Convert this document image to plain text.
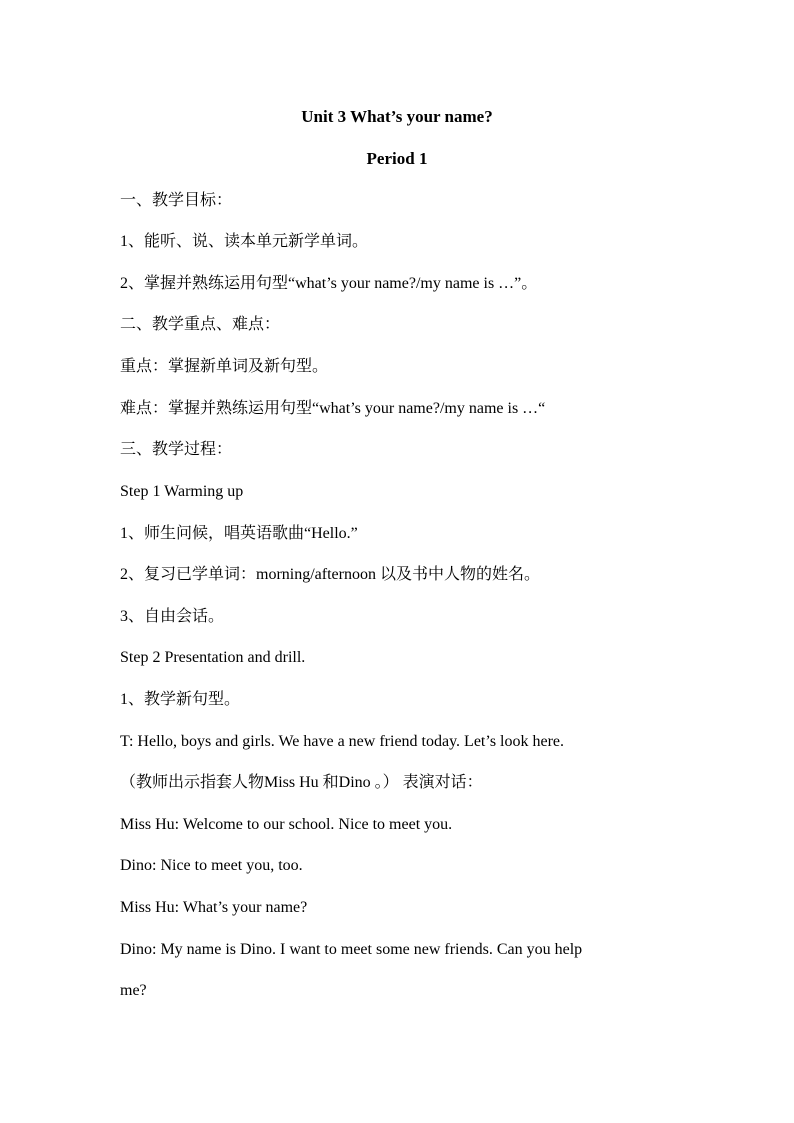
Unit 3 What’s your name?
Period 1
一、教学目标：
1、能听、说、读本单元新学单词。
2、掌握并熟练运用句型“what’s your name?/my name is …”。
二、教学重点、难点：
重点：掌握新单词及新句型。
难点：掌握并熟练运用句型“what’s your name?/my name is …“
三、教学过程：
Step 1 Warming up
1、师生问候，唱英语歌曲“Hello.”
2、复习已学单词：morning/afternoon 以及书中人物的姓名。
3、自由会话。
Step 2 Presentation and drill.
1、教学新句型。
T: Hello, boys and girls. We have a new friend today. Let’s look here.
（教师出示指套人物Miss Hu 和Dino 。） 表演对话：
Miss Hu: Welcome to our school. Nice to meet you.
Dino: Nice to meet you, too.
Miss Hu: What’s your name?
Dino: My name is Dino. I want to meet some new friends. Can you help
me?
